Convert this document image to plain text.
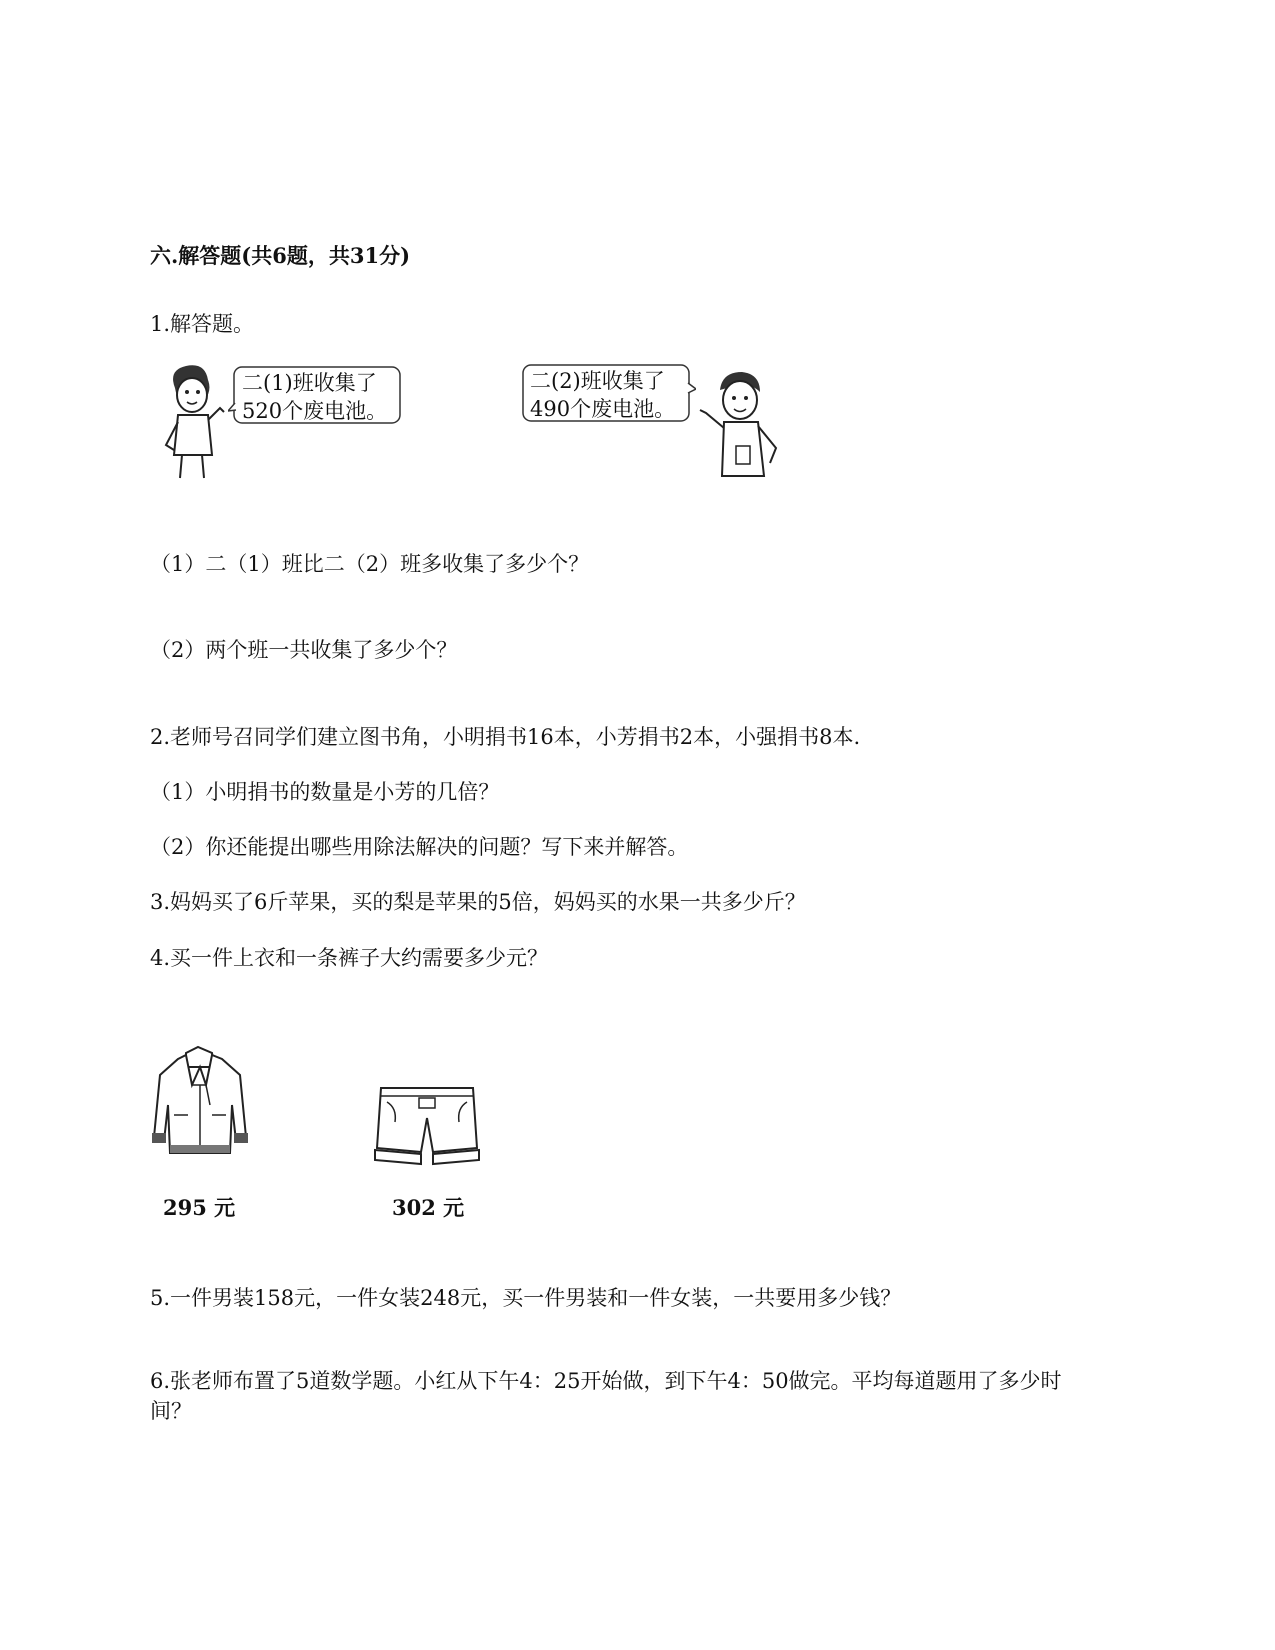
六.解答题(共6题，共31分)
1.解答题。
二(1)班收集了
520个废电池。
二(2)班收集了
490个废电池。
（1）二（1）班比二（2）班多收集了多少个？
（2）两个班一共收集了多少个？
2.老师号召同学们建立图书角，小明捐书16本，小芳捐书2本，小强捐书8本.
（1）小明捐书的数量是小芳的几倍？
（2）你还能提出哪些用除法解决的问题？写下来并解答。
3.妈妈买了6斤苹果，买的梨是苹果的5倍，妈妈买的水果一共多少斤？
4.买一件上衣和一条裤子大约需要多少元？
295 元	302 元
5.一件男装158元，一件女装248元，买一件男装和一件女装，一共要用多少钱？
6.张老师布置了5道数学题。小红从下午4：25开始做，到下午4：50做完。平均每道题用了多少时间？
